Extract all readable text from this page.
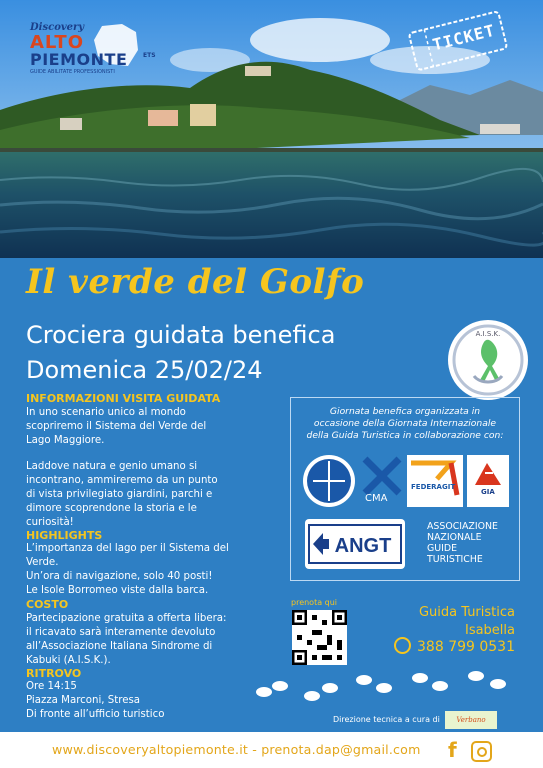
Discovery
ALTO
PIEMONTE	ETS
GUIDE ABILITATE PROFESSIONISTI
TICKET
Il verde del Golfo
Crociera guidata benefica
Domenica 25/02/24
A.I.S.K.
INFORMAZIONI VISITA GUIDATA
In uno scenario unico al mondo
scopriremo il Sistema del Verde del
Lago Maggiore.
Laddove natura e genio umano si
incontrano, ammireremo da un punto
di vista privilegiato giardini, parchi e
dimore scoprendone la storia e le
curiosità!
HIGHLIGHTS
L’importanza del lago per il Sistema del
Verde.
Un’ora di navigazione, solo 40 posti!
Le Isole Borromeo viste dalla barca.
COSTO
Partecipazione gratuita a offerta libera:
il ricavato sarà interamente devoluto
all’Associazione Italiana Sindrome di
Kabuki (A.I.S.K.).
RITROVO
Ore 14:15
Piazza Marconi, Stresa
Di fronte all’ufficio turistico
Giornata benefica organizzata in
occasione della Giornata Internazionale
della Guida Turistica in collaborazione con:
CMA
FEDERAGIT
GIA
ANGT
ASSOCIAZIONE
NAZIONALE
GUIDE
TURISTICHE
prenota qui
Guida Turistica
Isabella
388 799 0531
Direzione tecnica a cura di	Verbano
www.discoveryaltopiemonte.it - prenota.dap@gmail.com f
